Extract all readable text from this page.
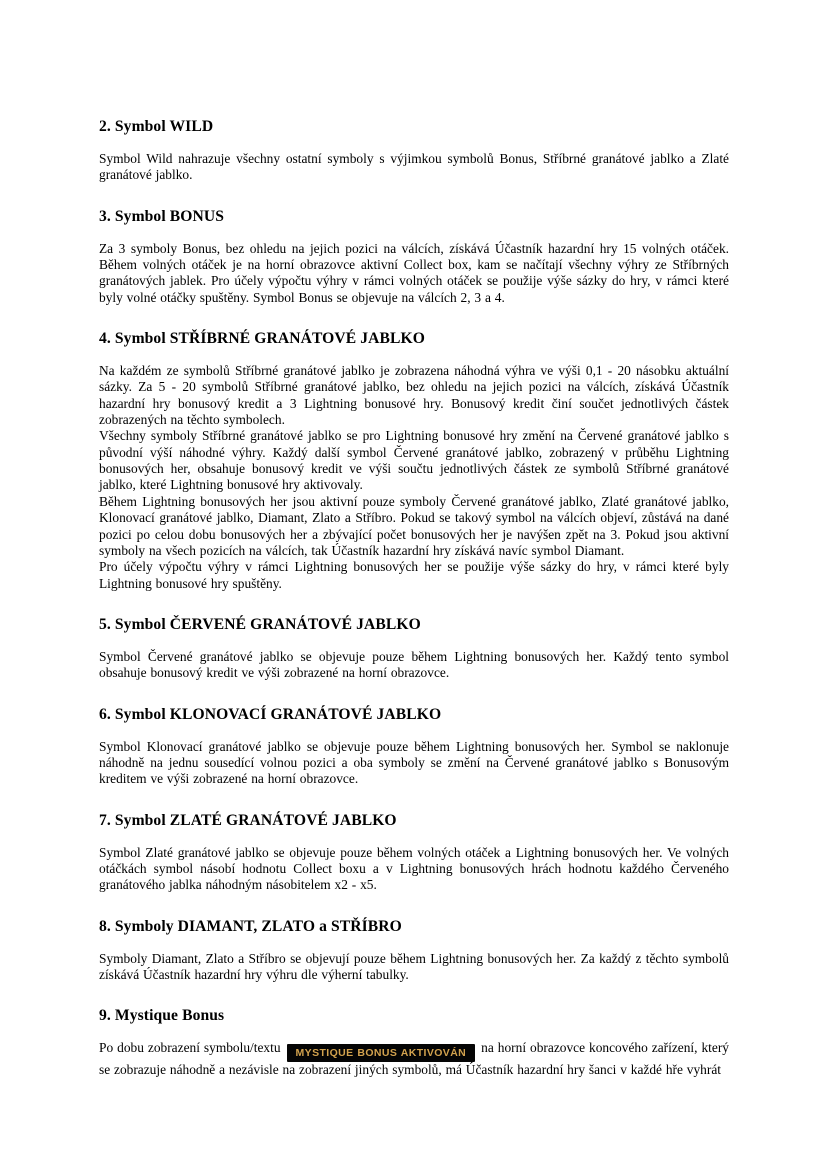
2. Symbol WILD

Symbol Wild nahrazuje všechny ostatní symboly s výjimkou symbolů Bonus, Stříbrné granátové jablko a Zlaté granátové jablko.

3. Symbol BONUS

Za 3 symboly Bonus, bez ohledu na jejich pozici na válcích, získává Účastník hazardní hry 15 volných otáček. Během volných otáček je na horní obrazovce aktivní Collect box, kam se načítají všechny výhry ze Stříbrných granátových jablek. Pro účely výpočtu výhry v rámci volných otáček se použije výše sázky do hry, v rámci které byly volné otáčky spuštěny. Symbol Bonus se objevuje na válcích 2, 3 a 4.

4. Symbol STŘÍBRNÉ GRANÁTOVÉ JABLKO

Na každém ze symbolů Stříbrné granátové jablko je zobrazena náhodná výhra ve výši 0,1 - 20 násobku aktuální sázky. Za 5 - 20 symbolů Stříbrné granátové jablko, bez ohledu na jejich pozici na válcích, získává Účastník hazardní hry bonusový kredit a 3 Lightning bonusové hry. Bonusový kredit činí součet jednotlivých částek zobrazených na těchto symbolech.

Všechny symboly Stříbrné granátové jablko se pro Lightning bonusové hry změní na Červené granátové jablko s původní výší náhodné výhry. Každý další symbol Červené granátové jablko, zobrazený v průběhu Lightning bonusových her, obsahuje bonusový kredit ve výši součtu jednotlivých částek ze symbolů Stříbrné granátové jablko, které Lightning bonusové hry aktivovaly.

Během Lightning bonusových her jsou aktivní pouze symboly Červené granátové jablko, Zlaté granátové jablko, Klonovací granátové jablko, Diamant, Zlato a Stříbro. Pokud se takový symbol na válcích objeví, zůstává na dané pozici po celou dobu bonusových her a zbývající počet bonusových her je navýšen zpět na 3. Pokud jsou aktivní symboly na všech pozicích na válcích, tak Účastník hazardní hry získává navíc symbol Diamant.

Pro účely výpočtu výhry v rámci Lightning bonusových her se použije výše sázky do hry, v rámci které byly Lightning bonusové hry spuštěny.

5. Symbol ČERVENÉ GRANÁTOVÉ JABLKO

Symbol Červené granátové jablko se objevuje pouze během Lightning bonusových her. Každý tento symbol obsahuje bonusový kredit ve výši zobrazené na horní obrazovce.

6. Symbol KLONOVACÍ GRANÁTOVÉ JABLKO

Symbol Klonovací granátové jablko se objevuje pouze během Lightning bonusových her. Symbol se naklonuje náhodně na jednu sousedící volnou pozici a oba symboly se změní na Červené granátové jablko s Bonusovým kreditem ve výši zobrazené na horní obrazovce.

7. Symbol ZLATÉ GRANÁTOVÉ JABLKO

Symbol Zlaté granátové jablko se objevuje pouze během volných otáček a Lightning bonusových her. Ve volných otáčkách symbol násobí hodnotu Collect boxu a v Lightning bonusových hrách hodnotu každého Červeného granátového jablka náhodným násobitelem x2 - x5.

8. Symboly DIAMANT, ZLATO a STŘÍBRO

Symboly Diamant, Zlato a Stříbro se objevují pouze během Lightning bonusových her. Za každý z těchto symbolů získává Účastník hazardní hry výhru dle výherní tabulky.

9. Mystique Bonus

Po dobu zobrazení symbolu/textu MYSTIQUE BONUS AKTIVOVÁN na horní obrazovce koncového zařízení, který se zobrazuje náhodně a nezávisle na zobrazení jiných symbolů, má Účastník hazardní hry šanci v každé hře vyhrát
